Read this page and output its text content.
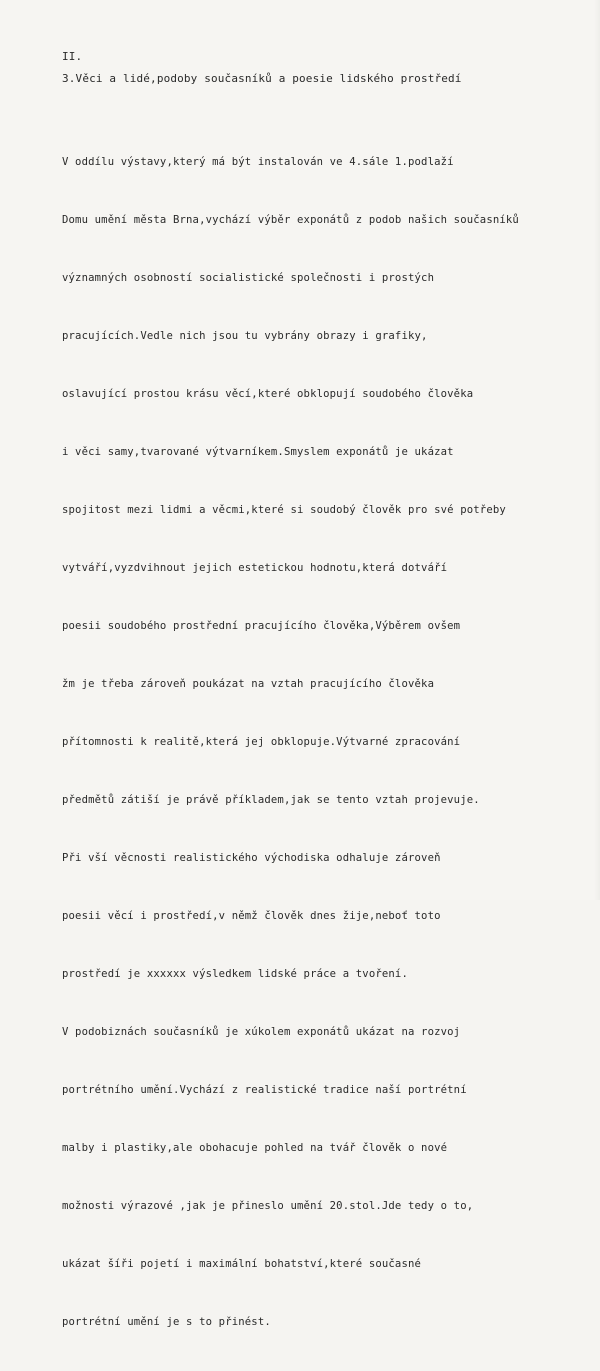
II.
3.Věci a lidé,podoby současníků a poesie lidského prostředí

V oddílu výstavy,který má být instalován ve 4.sále 1.podlaží

Domu umění města Brna,vychází výběr exponátů z podob našich současníků

významných osobností socialistické společnosti i prostých

pracujících.Vedle nich jsou tu vybrány obrazy i grafiky,

oslavující prostou krásu věcí,které obklopují soudobého člověka

i věci samy,tvarované výtvarníkem.Smyslem exponátů je ukázat

spojitost mezi lidmi a věcmi,které si soudobý člověk pro své potřeby

vytváří,vyzdvihnout jejich estetickou hodnotu,která dotváří

poesii soudobého prostřední pracujícího člověka,Výběrem ovšem

žm je třeba zároveň poukázat na vztah pracujícího člověka

přítomnosti k realitě,která jej obklopuje.Výtvarné zpracování

předmětů zátiší je právě příkladem,jak se tento vztah projevuje.

Při vší věcnosti realistického východiska odhaluje zároveň

poesii věcí i prostředí,v němž člověk dnes žije,neboť toto

prostředí je xxxxxx výsledkem lidské práce a tvoření.

V podobiznách současníků je xúkolem exponátů ukázat na rozvoj

portrétního umění.Vychází z realistické tradice naší portrétní

malby i plastiky,ale obohacuje pohled na tvář člověk o nové

možnosti výrazové ,jak je přineslo umění 20.stol.Jde tedy o to,

ukázat šíři pojetí i maximální bohatství,které současné

portrétní umění je s to přinést.
